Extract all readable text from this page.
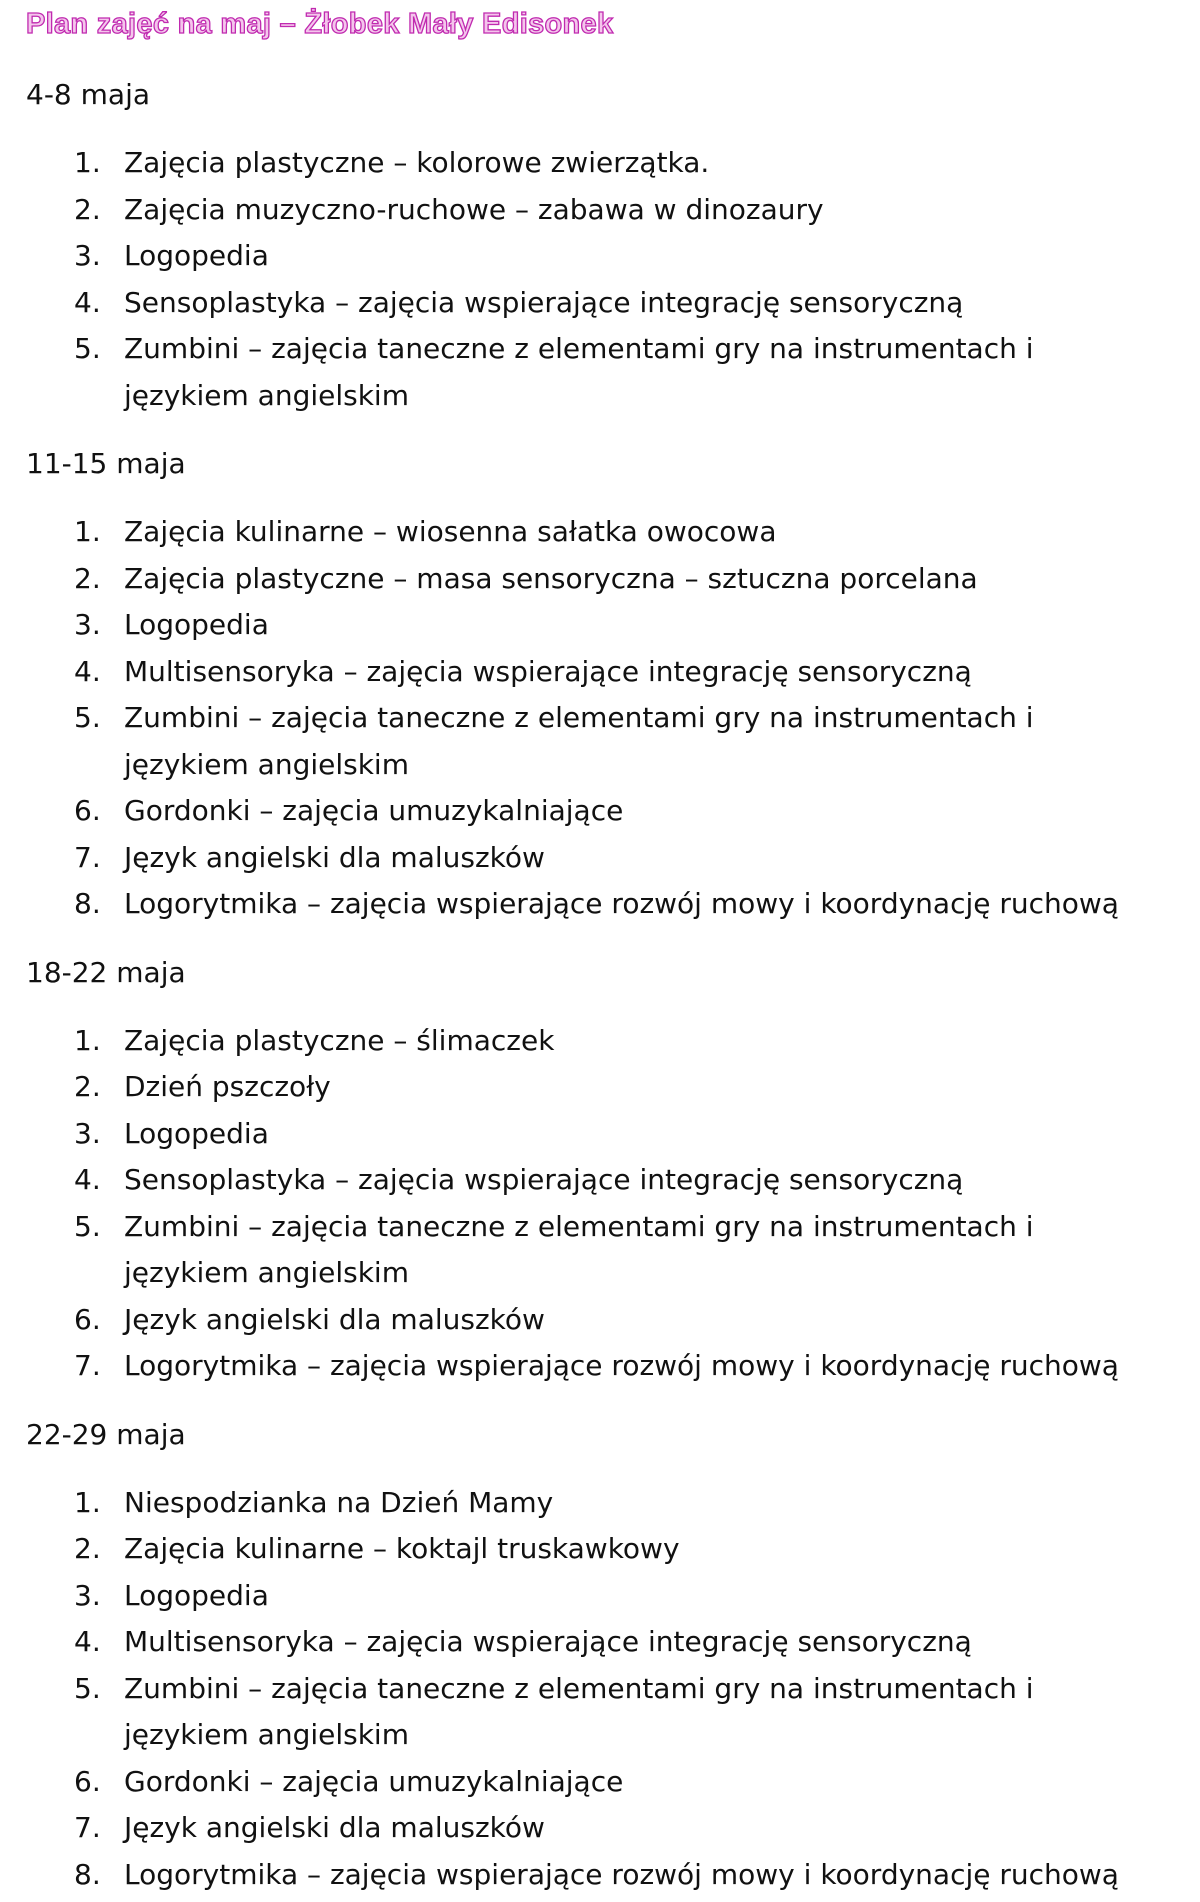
Plan zajęć na maj – Żłobek Mały Edisonek
4-8 maja
1. Zajęcia plastyczne – kolorowe zwierzątka.
2. Zajęcia muzyczno-ruchowe – zabawa w dinozaury
3. Logopedia
4. Sensoplastyka – zajęcia wspierające integrację sensoryczną
5. Zumbini – zajęcia taneczne z elementami gry na instrumentach i językiem angielskim
11-15 maja
1. Zajęcia kulinarne – wiosenna sałatka owocowa
2. Zajęcia plastyczne – masa sensoryczna – sztuczna porcelana
3. Logopedia
4. Multisensoryka – zajęcia wspierające integrację sensoryczną
5. Zumbini – zajęcia taneczne z elementami gry na instrumentach i językiem angielskim
6. Gordonki – zajęcia umuzykalniające
7. Język angielski dla maluszków
8. Logorytmika – zajęcia wspierające rozwój mowy i koordynację ruchową
18-22 maja
1. Zajęcia plastyczne – ślimaczek
2. Dzień pszczoły
3. Logopedia
4. Sensoplastyka – zajęcia wspierające integrację sensoryczną
5. Zumbini – zajęcia taneczne z elementami gry na instrumentach i językiem angielskim
6. Język angielski dla maluszków
7. Logorytmika – zajęcia wspierające rozwój mowy i koordynację ruchową
22-29 maja
1. Niespodzianka na Dzień Mamy
2. Zajęcia kulinarne – koktajl truskawkowy
3. Logopedia
4. Multisensoryka – zajęcia wspierające integrację sensoryczną
5. Zumbini – zajęcia taneczne z elementami gry na instrumentach i językiem angielskim
6. Gordonki – zajęcia umuzykalniające
7. Język angielski dla maluszków
8. Logorytmika – zajęcia wspierające rozwój mowy i koordynację ruchową
